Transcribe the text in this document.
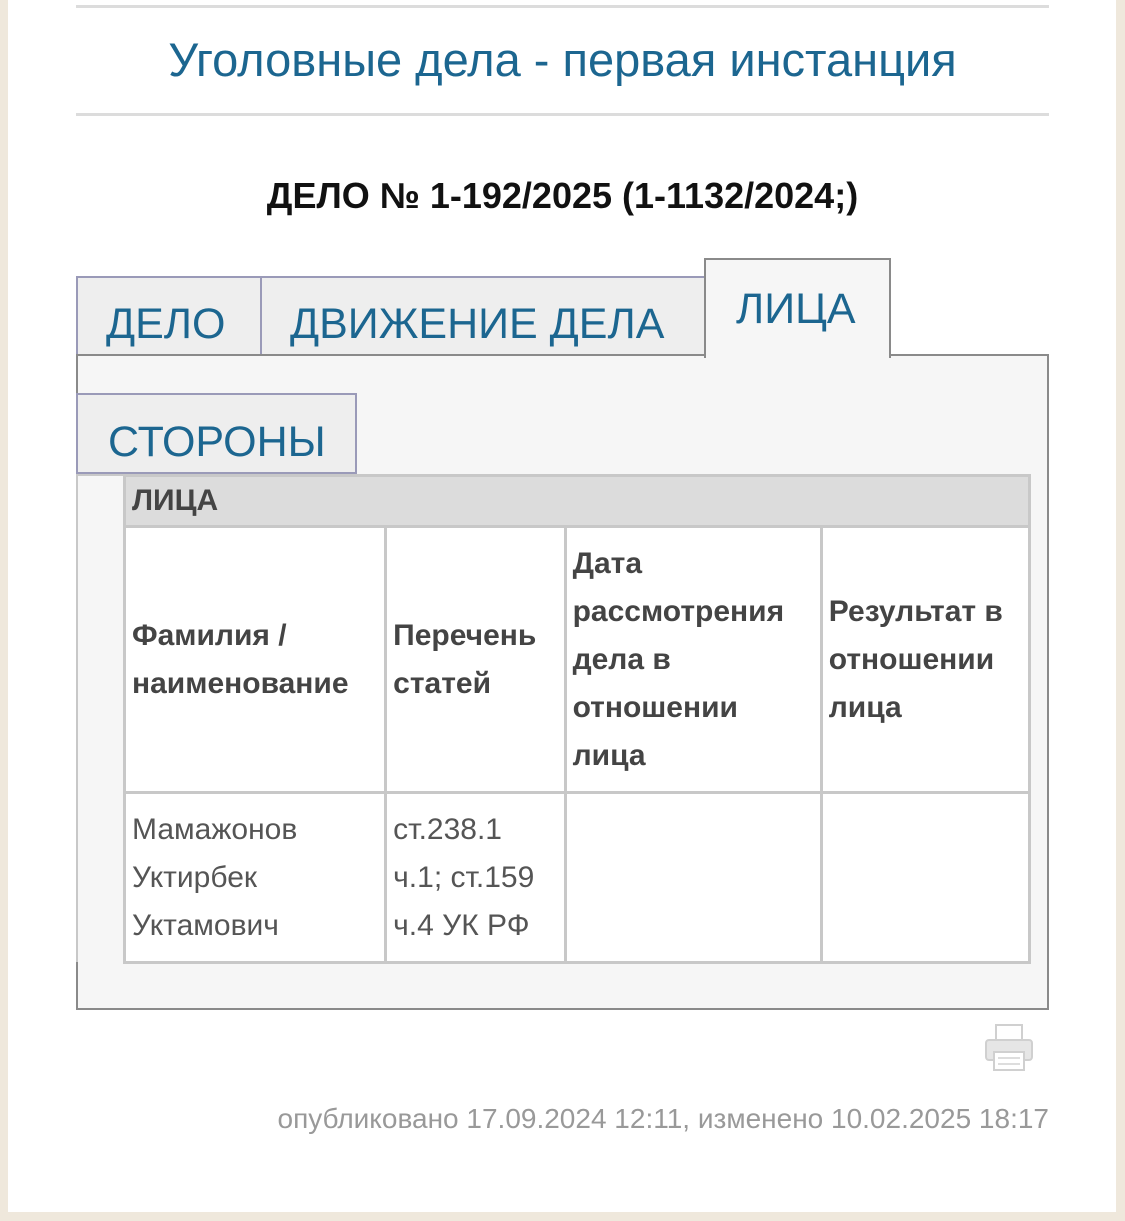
Уголовные дела - первая инстанция
ДЕЛО № 1-192/2025 (1-1132/2024;)
ДЕЛО ДВИЖЕНИЕ ДЕЛА ЛИЦА
СТОРОНЫ
ЛИЦА			
Фамилия / наименование	Перечень статей	Дата рассмотрения дела в отношении лица	Результат в отношении лица
Мамажонов Уктирбек Уктамович	ст.238.1 ч.1; ст.159 ч.4 УК РФ		
опубликовано 17.09.2024 12:11, изменено 10.02.2025 18:17
